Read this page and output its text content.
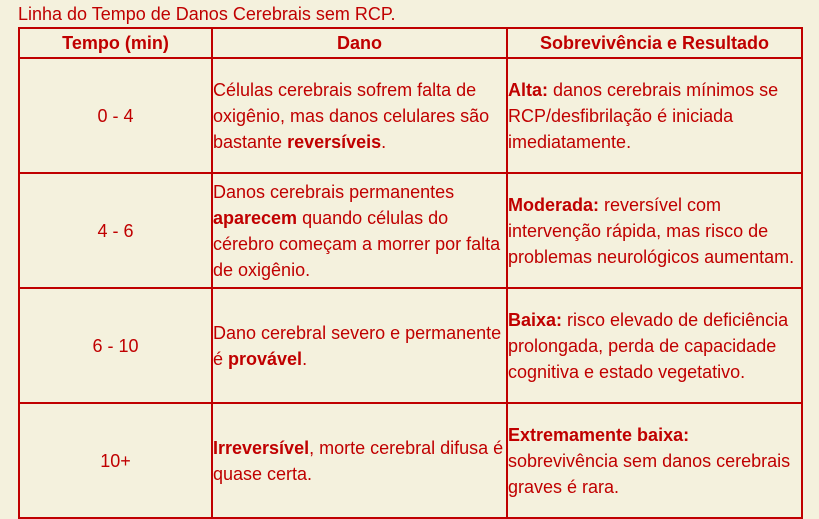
Linha do Tempo de Danos Cerebrais sem RCP.
Tempo (min)	Dano	Sobrevivência e Resultado
0 - 4	Células cerebrais sofrem falta de oxigênio, mas danos celulares são bastante reversíveis.	Alta: danos cerebrais mínimos se RCP/desfibrilação é iniciada imediatamente.
4 - 6	Danos cerebrais permanentes aparecem quando células do cérebro começam a morrer por falta de oxigênio.	Moderada: reversível com intervenção rápida, mas risco de problemas neurológicos aumentam.
6 - 10	Dano cerebral severo e permanente é provável.	Baixa: risco elevado de deficiência prolongada, perda de capacidade cognitiva e estado vegetativo.
10+	Irreversível, morte cerebral difusa é quase certa.	Extremamente baixa: sobrevivência sem danos cerebrais graves é rara.
